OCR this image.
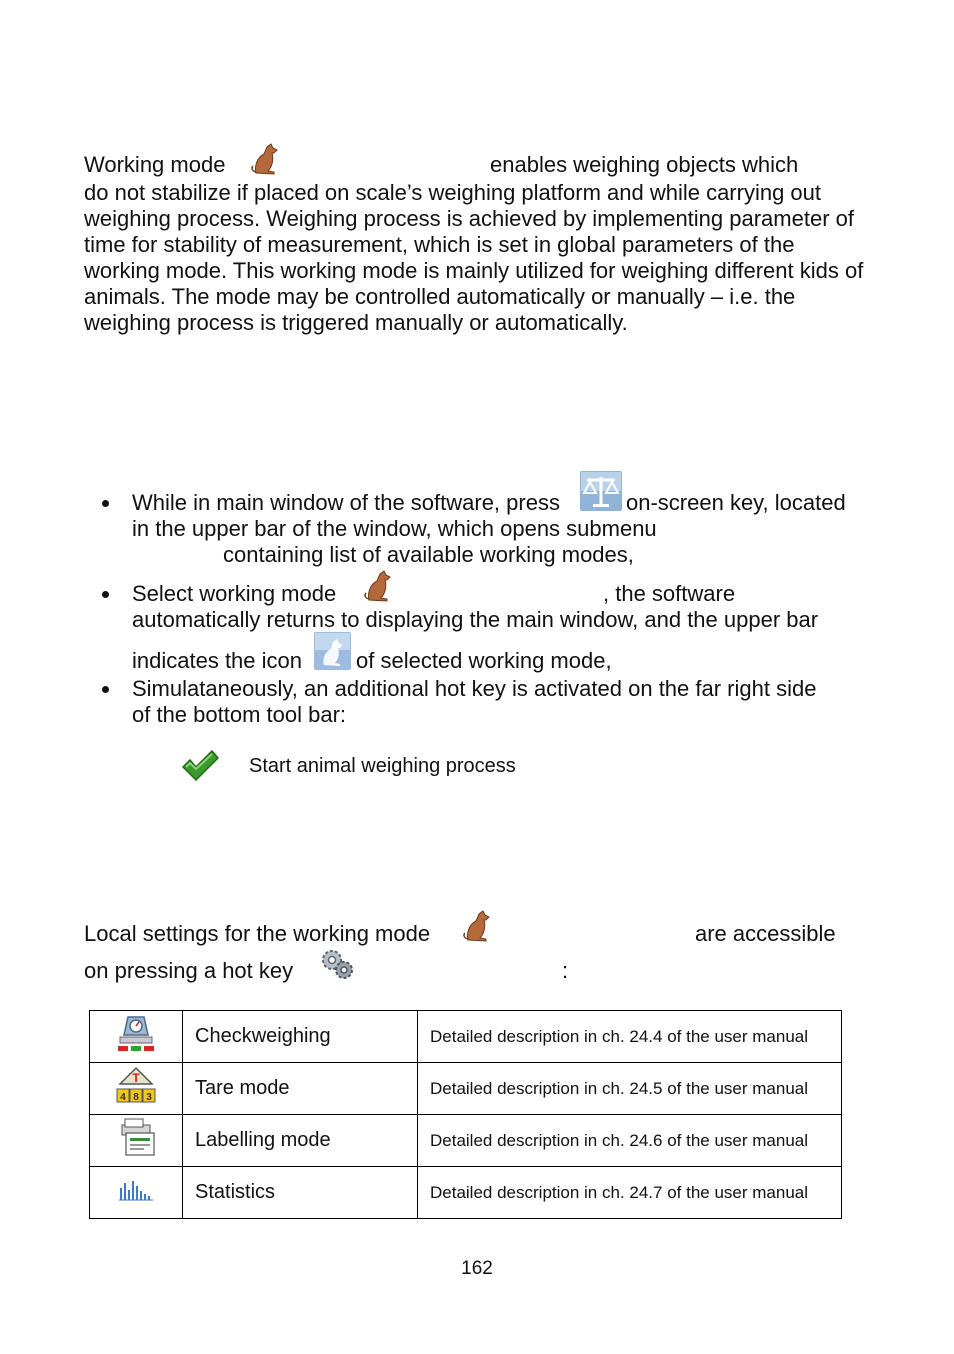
Working mode	enables weighing objects which
do not stabilize if placed on scale’s weighing platform and while carrying out weighing process. Weighing process is achieved by implementing parameter of time for stability of measurement, which is set in global parameters of the working mode. This working mode is mainly utilized for weighing different kids of animals. The mode may be controlled automatically or manually – i.e. the weighing process is triggered manually or automatically.
While in main window of the software, press	on-screen key, located
in the upper bar of the window, which opens submenu
containing list of available working modes,
Select working mode	, the software
automatically returns to displaying the main window, and the upper bar
indicates the icon of selected working mode,
Simulataneously, an additional hot key is activated on the far right side
of the bottom tool bar:
Start animal weighing process
Local settings for the working mode	are accessible
on pressing a hot key	:
	Checkweighing	Detailed description in ch. 24.4 of the user manual

T
4 8 3	Tare mode	Detailed description in ch. 24.5 of the user manual
	Labelling mode	Detailed description in ch. 24.6 of the user manual
	Statistics	Detailed description in ch. 24.7 of the user manual
162
